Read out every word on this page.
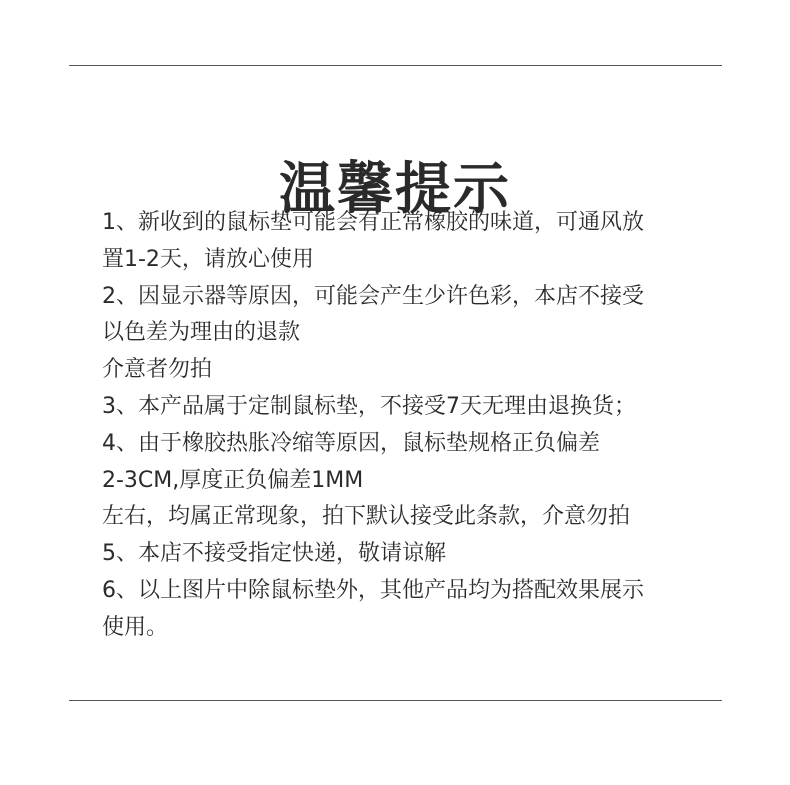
温馨提示
1、新收到的鼠标垫可能会有正常橡胶的味道，可通风放
置1-2天，请放心使用
2、因显示器等原因，可能会产生少许色彩，本店不接受
以色差为理由的退款
介意者勿拍
3、本产品属于定制鼠标垫，不接受7天无理由退换货；
4、由于橡胶热胀冷缩等原因，鼠标垫规格正负偏差
2-3CM,厚度正负偏差1MM
左右，均属正常现象，拍下默认接受此条款，介意勿拍
5、本店不接受指定快递，敬请谅解
6、以上图片中除鼠标垫外，其他产品均为搭配效果展示
使用。
